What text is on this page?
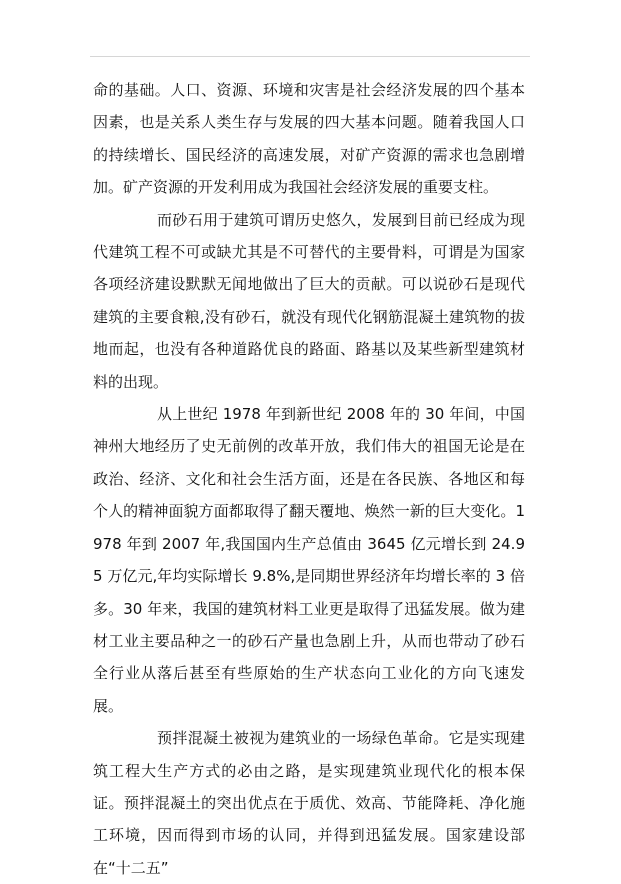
命的基础。人口、资源、环境和灾害是社会经济发展的四个基本因素，也是关系人类生存与发展的四大基本问题。随着我国人口的持续增长、国民经济的高速发展，对矿产资源的需求也急剧增加。矿产资源的开发利用成为我国社会经济发展的重要支柱。

而砂石用于建筑可谓历史悠久，发展到目前已经成为现代建筑工程不可或缺尤其是不可替代的主要骨料，可谓是为国家各项经济建设默默无闻地做出了巨大的贡献。可以说砂石是现代建筑的主要食粮,没有砂石，就没有现代化钢筋混凝土建筑物的拔地而起，也没有各种道路优良的路面、路基以及某些新型建筑材料的出现。

从上世纪 1978 年到新世纪 2008 年的 30 年间，中国神州大地经历了史无前例的改革开放，我们伟大的祖国无论是在政治、经济、文化和社会生活方面，还是在各民族、各地区和每个人的精神面貌方面都取得了翻天覆地、焕然一新的巨大变化。1978 年到 2007 年,我国国内生产总值由 3645 亿元增长到 24.95 万亿元,年均实际增长 9.8%,是同期世界经济年均增长率的 3 倍多。30 年来，我国的建筑材料工业更是取得了迅猛发展。做为建材工业主要品种之一的砂石产量也急剧上升，从而也带动了砂石全行业从落后甚至有些原始的生产状态向工业化的方向飞速发展。

预拌混凝土被视为建筑业的一场绿色革命。它是实现建筑工程大生产方式的必由之路，是实现建筑业现代化的根本保证。预拌混凝土的突出优点在于质优、效高、节能降耗、净化施工环境，因而得到市场的认同，并得到迅猛发展。国家建设部在“十二五”
